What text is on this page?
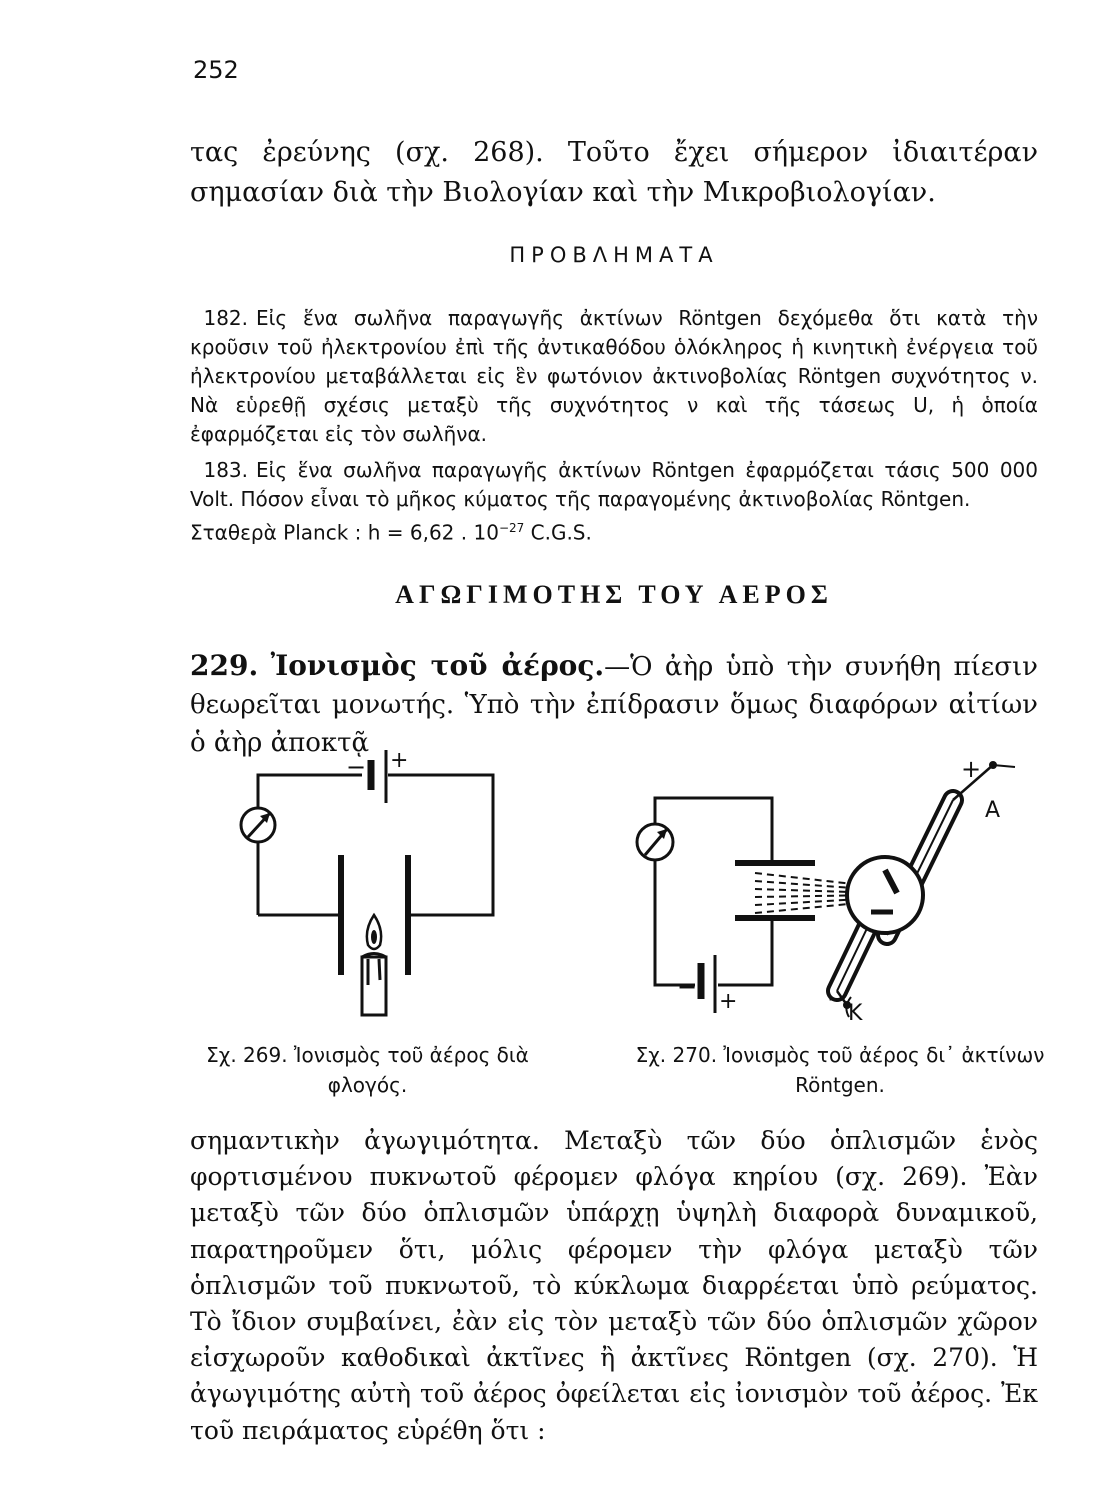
252

τας ἐρεύνης (σχ. 268). Τοῦτο ἔχει σήμερον ἰδιαιτέραν σημασίαν διὰ τὴν Βιολογίαν καὶ τὴν Μικροβιολογίαν.

ΠΡΟΒΛΗΜΑΤΑ

182. Εἰς ἕνα σωλῆνα παραγωγῆς ἀκτίνων Röntgen δεχόμεθα ὅτι κατὰ τὴν κροῦσιν τοῦ ἠλεκτρονίου ἐπὶ τῆς ἀντικαθόδου ὁλόκληρος ἡ κινητικὴ ἐνέργεια τοῦ ἠλεκτρονίου μεταβάλλεται εἰς ἓν φωτόνιον ἀκτινοβολίας Röntgen συχνότητος ν. Νὰ εὑρεθῇ σχέσις μεταξὺ τῆς συχνότητος ν καὶ τῆς τάσεως U, ἡ ὁποία ἐφαρμόζεται εἰς τὸν σωλῆνα.

183. Εἰς ἕνα σωλῆνα παραγωγῆς ἀκτίνων Röntgen ἐφαρμόζεται τάσις 500 000 Volt. Πόσον εἶναι τὸ μῆκος κύματος τῆς παραγομένης ἀκτινοβολίας Röntgen.
Σταθερὰ Planck : h = 6,62 . $10^{-27}$ C.G.S.

ΑΓΩΓΙΜΟΤΗΣ ΤΟΥ ΑΕΡΟΣ

229. Ἰονισμὸς τοῦ ἀέρος.—Ὁ ἀὴρ ὑπὸ τὴν συνήθη πίεσιν θεωρεῖται μονωτής. Ὑπὸ τὴν ἐπίδρασιν ὅμως διαφόρων αἰτίων ὁ ἀὴρ ἀποκτᾷ

− +	+
A
−
+	−
K
Σχ. 269. Ἰονισμὸς τοῦ ἀέρος διὰ φλογός.
Σχ. 270. Ἰονισμὸς τοῦ ἀέρος δι᾽ ἀκτίνων Röntgen.

σημαντικὴν ἀγωγιμότητα. Μεταξὺ τῶν δύο ὁπλισμῶν ἑνὸς φορτισμένου πυκνωτοῦ φέρομεν φλόγα κηρίου (σχ. 269). Ἐὰν μεταξὺ τῶν δύο ὁπλισμῶν ὑπάρχῃ ὑψηλὴ διαφορὰ δυναμικοῦ, παρατηροῦμεν ὅτι, μόλις φέρομεν τὴν φλόγα μεταξὺ τῶν ὁπλισμῶν τοῦ πυκνωτοῦ, τὸ κύκλωμα διαρρέεται ὑπὸ ρεύματος. Τὸ ἴδιον συμβαίνει, ἐὰν εἰς τὸν μεταξὺ τῶν δύο ὁπλισμῶν χῶρον εἰσχωροῦν καθοδικαὶ ἀκτῖνες ἢ ἀκτῖνες Röntgen (σχ. 270). Ἡ ἀγωγιμότης αὐτὴ τοῦ ἀέρος ὀφείλεται εἰς ἰονισμὸν τοῦ ἀέρος. Ἐκ τοῦ πειράματος εὑρέθη ὅτι :
